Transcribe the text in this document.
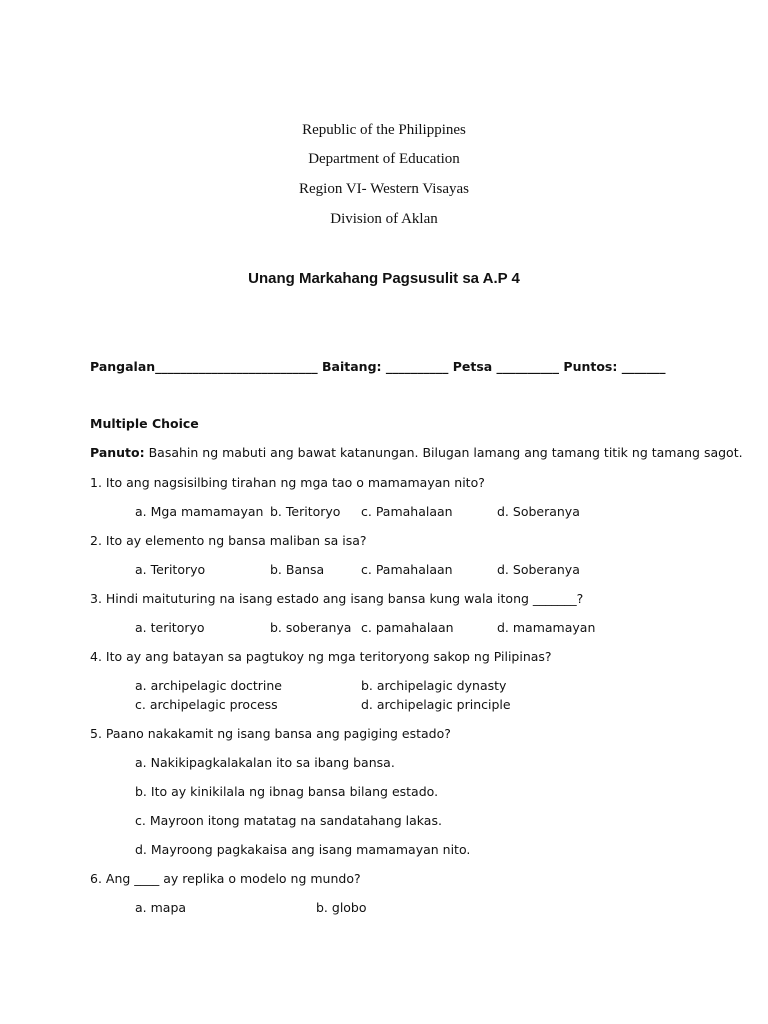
Republic of the Philippines
Department of Education
Region VI- Western Visayas
Division of Aklan
Unang Markahang Pagsusulit sa A.P 4
Pangalan__________________________ Baitang: __________ Petsa __________ Puntos: _______
Multiple Choice
Panuto: Basahin ng mabuti ang bawat katanungan. Bilugan lamang ang tamang titik ng tamang sagot.
1. Ito ang nagsisilbing tirahan ng mga tao o mamamayan nito?
a. Mga mamamayan b. Teritoryo c. Pamahalaan	d. Soberanya
2. Ito ay elemento ng bansa maliban sa isa?
a. Teritoryo	b. Bansa	c. Pamahalaan	d. Soberanya
3. Hindi maituturing na isang estado ang isang bansa kung wala itong _______?
a. teritoryo	b. soberanya c. pamahalaan	d. mamamayan
4. Ito ay ang batayan sa pagtukoy ng mga teritoryong sakop ng Pilipinas?
a. archipelagic doctrine	b. archipelagic dynasty
c. archipelagic process	d. archipelagic principle
5. Paano nakakamit ng isang bansa ang pagiging estado?
a. Nakikipagkalakalan ito sa ibang bansa.
b. Ito ay kinikilala ng ibnag bansa bilang estado.
c. Mayroon itong matatag na sandatahang lakas.
d. Mayroong pagkakaisa ang isang mamamayan nito.
6. Ang ____ ay replika o modelo ng mundo?
a. mapa	b. globo
